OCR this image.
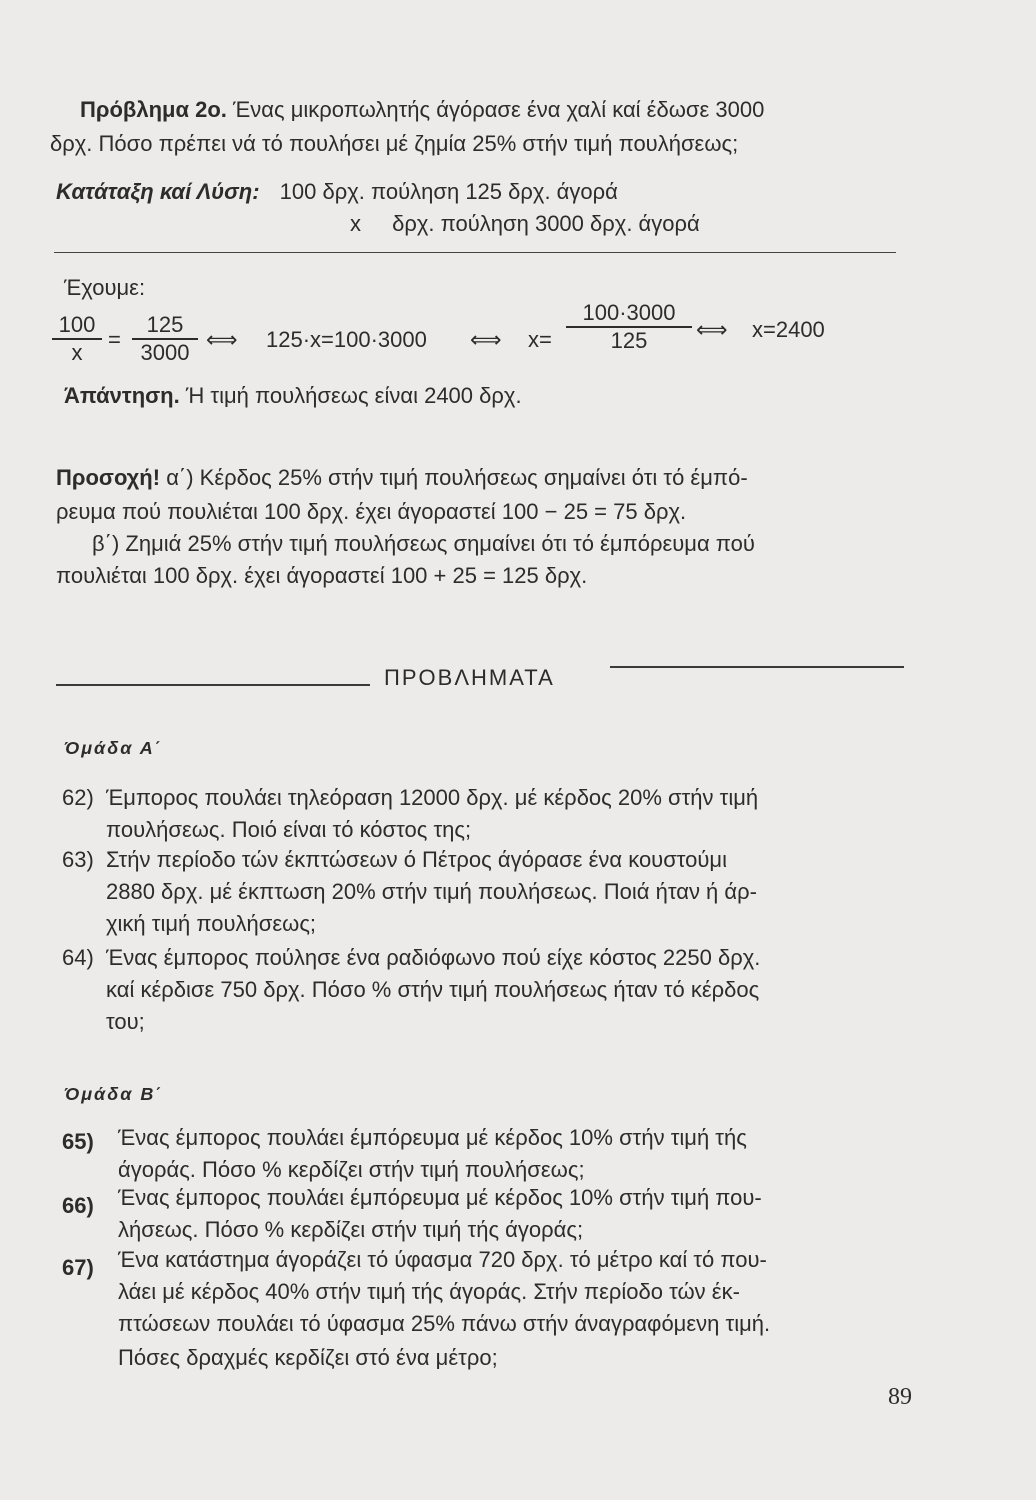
Πρόβλημα 2ο. Ένας μικροπωλητής άγόρασε ένα χαλί καί έδωσε 3000
δρχ. Πόσο πρέπει νά τό πουλήσει μέ ζημία 25% στήν τιμή πουλήσεως;
Κατάταξη καί Λύση: 100 δρχ. πούληση 125 δρχ. άγορά
x δρχ. πούληση 3000 δρχ. άγορά
Έχουμε:
$\frac{100}{x} = \frac{125}{3000}$ ⟺ 125·x=100·3000 ⟺ $x= \frac{100\cdot 3000}{125}$ ⟺ x=2400
Άπάντηση. Ή τιμή πουλήσεως είναι 2400 δρχ.
Προσοχή! α΄) Κέρδος 25% στήν τιμή πουλήσεως σημαίνει ότι τό έμπό-
ρευμα πού πουλιέται 100 δρχ. έχει άγοραστεί 100 − 25 = 75 δρχ.
β΄) Ζημιά 25% στήν τιμή πουλήσεως σημαίνει ότι τό έμπόρευμα πού
πουλιέται 100 δρχ. έχει άγοραστεί 100 + 25 = 125 δρχ.
ΠΡΟΒΛΗΜΑΤΑ
Όμάδα Α΄
62) Έμπορος πουλάει τηλεόραση 12000 δρχ. μέ κέρδος 20% στήν τιμή
πουλήσεως. Ποιό είναι τό κόστος της;
63) Στήν περίοδο τών έκπτώσεων ό Πέτρος άγόρασε ένα κουστούμι
2880 δρχ. μέ έκπτωση 20% στήν τιμή πουλήσεως. Ποιά ήταν ή άρ-
χική τιμή πουλήσεως;
64) Ένας έμπορος πούλησε ένα ραδιόφωνο πού είχε κόστος 2250 δρχ.
καί κέρδισε 750 δρχ. Πόσο % στήν τιμή πουλήσεως ήταν τό κέρδος
του;
Όμάδα Β΄
65) Ένας έμπορος πουλάει έμπόρευμα μέ κέρδος 10% στήν τιμή τής
άγοράς. Πόσο % κερδίζει στήν τιμή πουλήσεως;
66) Ένας έμπορος πουλάει έμπόρευμα μέ κέρδος 10% στήν τιμή που-
λήσεως. Πόσο % κερδίζει στήν τιμή τής άγοράς;
67) Ένα κατάστημα άγοράζει τό ύφασμα 720 δρχ. τό μέτρο καί τό που-
λάει μέ κέρδος 40% στήν τιμή τής άγοράς. Στήν περίοδο τών έκ-
πτώσεων πουλάει τό ύφασμα 25% πάνω στήν άναγραφόμενη τιμή.
Πόσες δραχμές κερδίζει στό ένα μέτρο;
89
